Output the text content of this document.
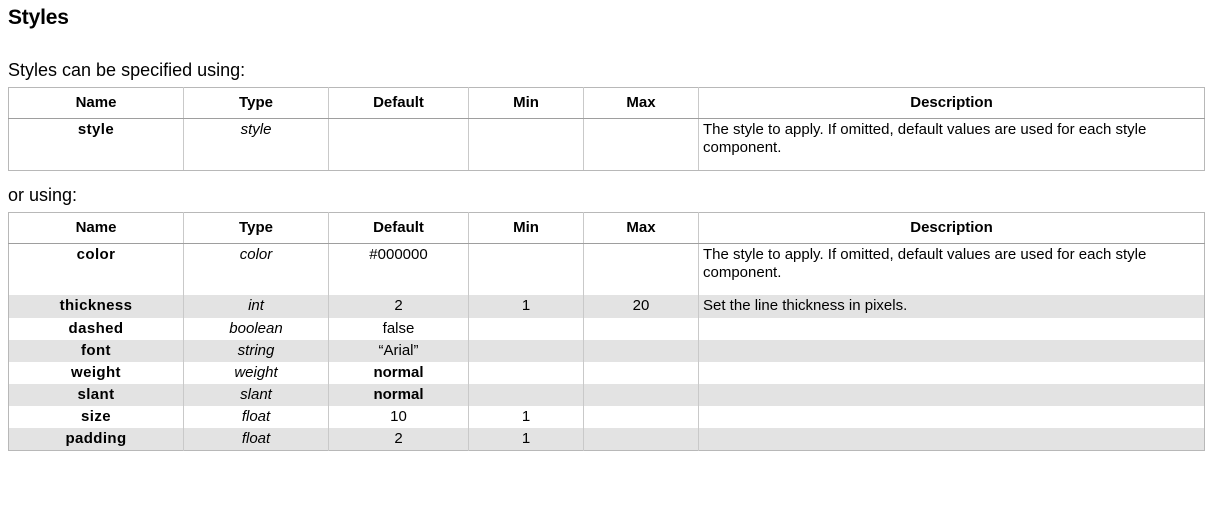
Styles
Styles can be specified using:
Name	Type	Default	Min	Max	Description
style	style				The style to apply. If omitted, default values are used for each style component.
or using:
Name	Type	Default	Min	Max	Description
color	color	#000000			The style to apply. If omitted, default values are used for each style component.
thickness	int	2	1	20	Set the line thickness in pixels.
dashed	boolean	false			
font	string	“Arial”			
weight	weight	normal			
slant	slant	normal			
size	float	10	1		
padding	float	2	1		
